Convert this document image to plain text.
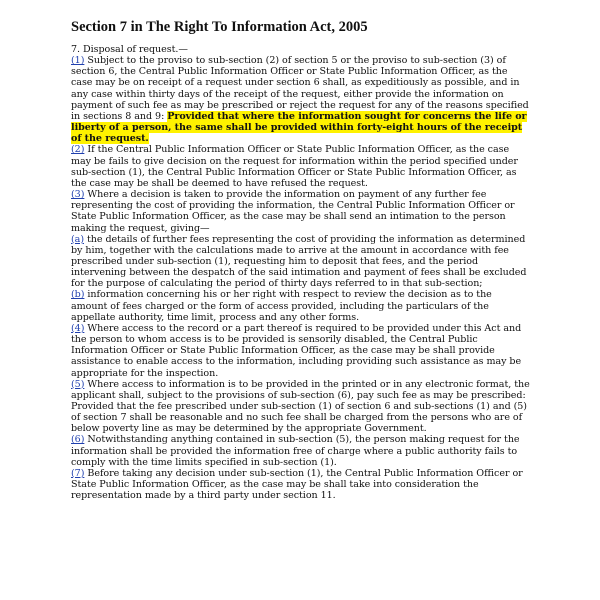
Section 7 in The Right To Information Act, 2005

7. Disposal of request.—

(1) Subject to the proviso to sub-section (2) of section 5 or the proviso to sub-section (3) of section 6, the Central Public Information Officer or State Public Information Officer, as the case may be on receipt of a request under section 6 shall, as expeditiously as possible, and in any case within thirty days of the receipt of the request, either provide the information on payment of such fee as may be prescribed or reject the request for any of the reasons specified in sections 8 and 9: Provided that where the information sought for concerns the life or liberty of a person, the same shall be provided within forty-eight hours of the receipt of the request.

(2) If the Central Public Information Officer or State Public Information Officer, as the case may be fails to give decision on the request for information within the period specified under sub-section (1), the Central Public Information Officer or State Public Information Officer, as the case may be shall be deemed to have refused the request.

(3) Where a decision is taken to provide the information on payment of any further fee representing the cost of providing the information, the Central Public Information Officer or State Public Information Officer, as the case may be shall send an intimation to the person making the request, giving—

(a) the details of further fees representing the cost of providing the information as determined by him, together with the calculations made to arrive at the amount in accordance with fee prescribed under sub-section (1), requesting him to deposit that fees, and the period intervening between the despatch of the said intimation and payment of fees shall be excluded for the purpose of calculating the period of thirty days referred to in that sub-section;

(b) information concerning his or her right with respect to review the decision as to the amount of fees charged or the form of access provided, including the particulars of the appellate authority, time limit, process and any other forms.

(4) Where access to the record or a part thereof is required to be provided under this Act and the person to whom access is to be provided is sensorily disabled, the Central Public Information Officer or State Public Information Officer, as the case may be shall provide assistance to enable access to the information, including providing such assistance as may be appropriate for the inspection.

(5) Where access to information is to be provided in the printed or in any electronic format, the applicant shall, subject to the provisions of sub-section (6), pay such fee as may be prescribed: Provided that the fee prescribed under sub-section (1) of section 6 and sub-sections (1) and (5) of section 7 shall be reasonable and no such fee shall be charged from the persons who are of below poverty line as may be determined by the appropriate Government.

(6) Notwithstanding anything contained in sub-section (5), the person making request for the information shall be provided the information free of charge where a public authority fails to comply with the time limits specified in sub-section (1).

(7) Before taking any decision under sub-section (1), the Central Public Information Officer or State Public Information Officer, as the case may be shall take into consideration the representation made by a third party under section 11.
